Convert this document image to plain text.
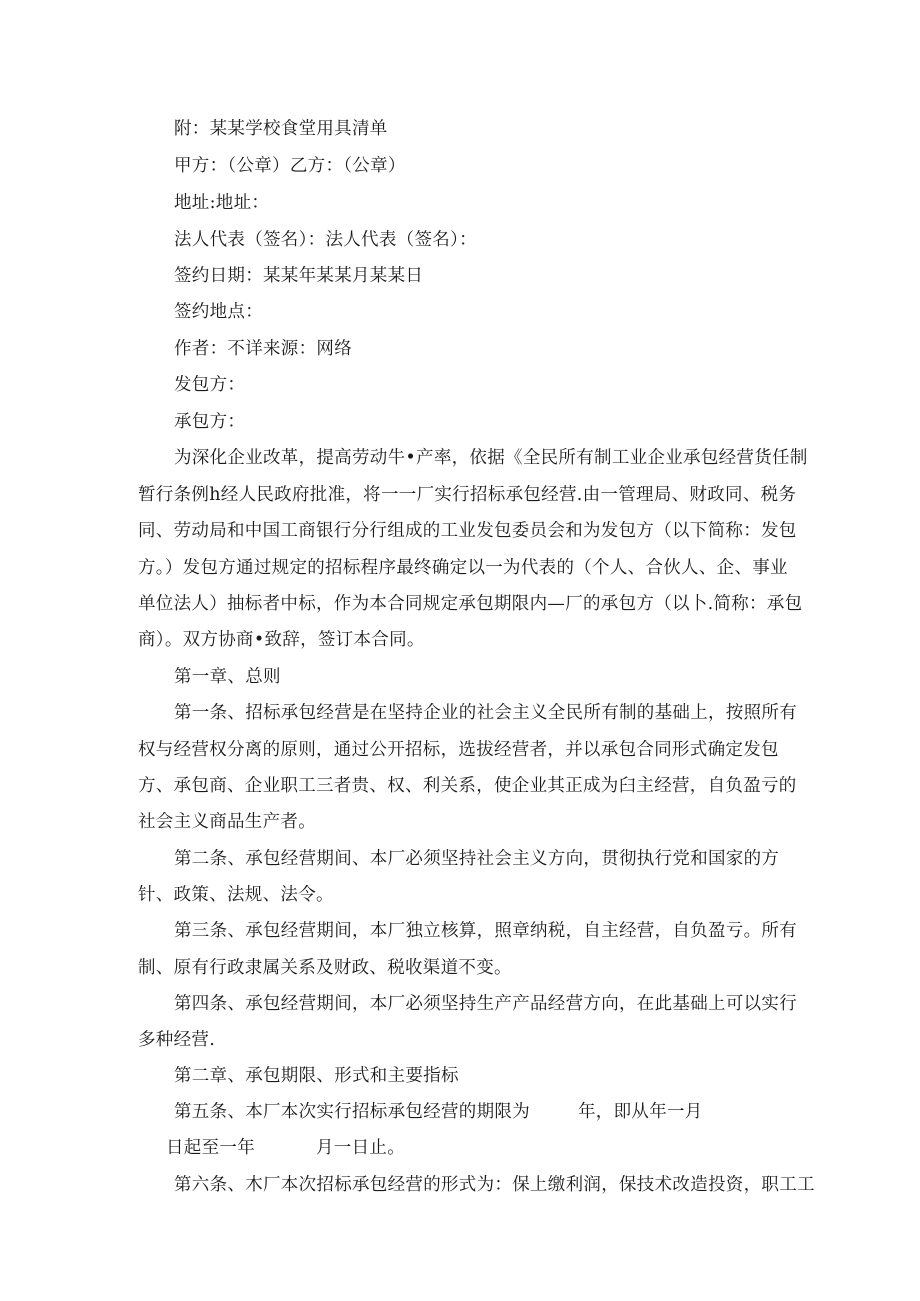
附：某某学校食堂用具清单
甲方：（公章）乙方：（公章）
地址:地址：
法人代表（签名）：法人代表（签名）：
签约日期：某某年某某月某某日
签约地点：
作者：不详来源：网络
发包方：
承包方：
为深化企业改革，提高劳动牛•产率，依据《全民所有制工业企业承包经营货任制
暂行条例h经人民政府批准，将一一厂实行招标承包经营.由一管理局、财政同、税务
同、劳动局和中国工商银行分行组成的工业发包委员会和为发包方（以下简称：发包
方。）发包方通过规定的招标程序最终确定以一为代表的（个人、合伙人、企、事业
单位法人）抽标者中标，作为本合同规定承包期限内—厂的承包方（以卜.简称：承包
商）。双方协商•致辞，签订本合同。
第一章、总则
第一条、招标承包经营是在坚持企业的社会主义全民所有制的基础上，按照所有
权与经营权分离的原则，通过公开招标，选拔经营者，并以承包合同形式确定发包
方、承包商、企业职工三者贵、权、利关系，使企业其正成为臼主经营，自负盈亏的
社会主义商品生产者。
第二条、承包经营期间、本厂必须坚持社会主义方向，贯彻执行党和国家的方
针、政策、法规、法令。
第三条、承包经营期间，本厂独立核算，照章纳税，自主经营，自负盈亏。所有
制、原有行政隶属关系及财政、税收渠道不变。
第四条、承包经营期间，本厂必须坚持生产产品经营方向，在此基础上可以实行
多种经营.
第二章、承包期限、形式和主要指标
第五条、本厂本次实行招标承包经营的期限为	年，即从年一月
日起至一年	月一日止。
第六条、木厂本次招标承包经营的形式为：保上缴利润，保技术改造投资，职工工
